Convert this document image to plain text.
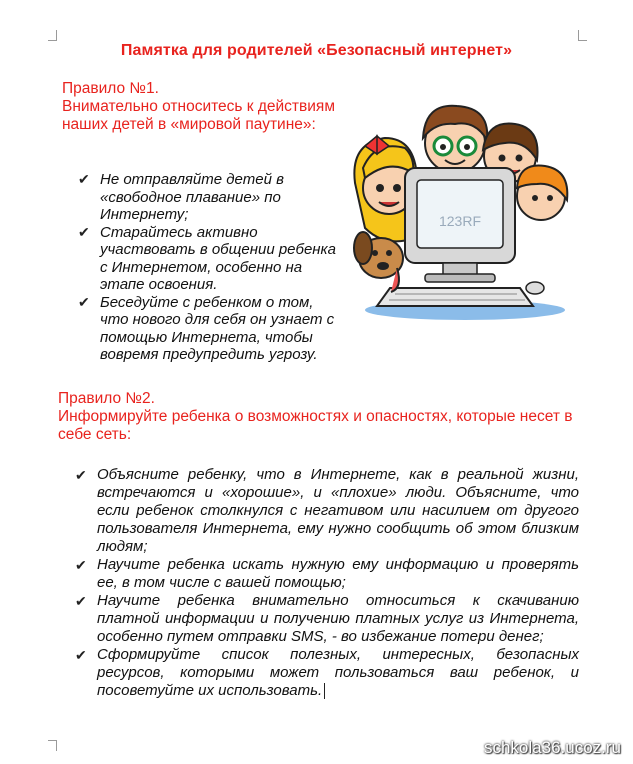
Памятка для родителей «Безопасный интернет»
Правило №1.
Внимательно относитесь к действиям наших детей в «мировой паутине»:
✔ Не отправляйте детей в «свободное плавание» по Интернету;
✔ Старайтесь активно участвовать в общении ребенка с Интернетом, особенно на этапе освоения.
✔ Беседуйте с ребенком о том, что нового для себя он узнает с помощью Интернета, чтобы вовремя предупредить угрозу.
123RF
Правило №2.
Информируйте ребенка о возможностях и опасностях, которые несет в себе сеть:
✔ Объясните ребенку, что в Интернете, как в реальной жизни, встречаются и «хорошие», и «плохие» люди. Объясните, что если ребенок столкнулся с негативом или насилием от другого пользователя Интернета, ему нужно сообщить об этом близким людям;
✔ Научите ребенка искать нужную ему информацию и проверять ее, в том числе с вашей помощью;
✔ Научите ребенка внимательно относиться к скачиванию платной информации и получению платных услуг из Интернета, особенно путем отправки SMS, - во избежание потери денег;
✔ Сформируйте список полезных, интересных, безопасных ресурсов, которыми может пользоваться ваш ребенок, и посоветуйте их использовать.
schkola36.ucoz.ru
